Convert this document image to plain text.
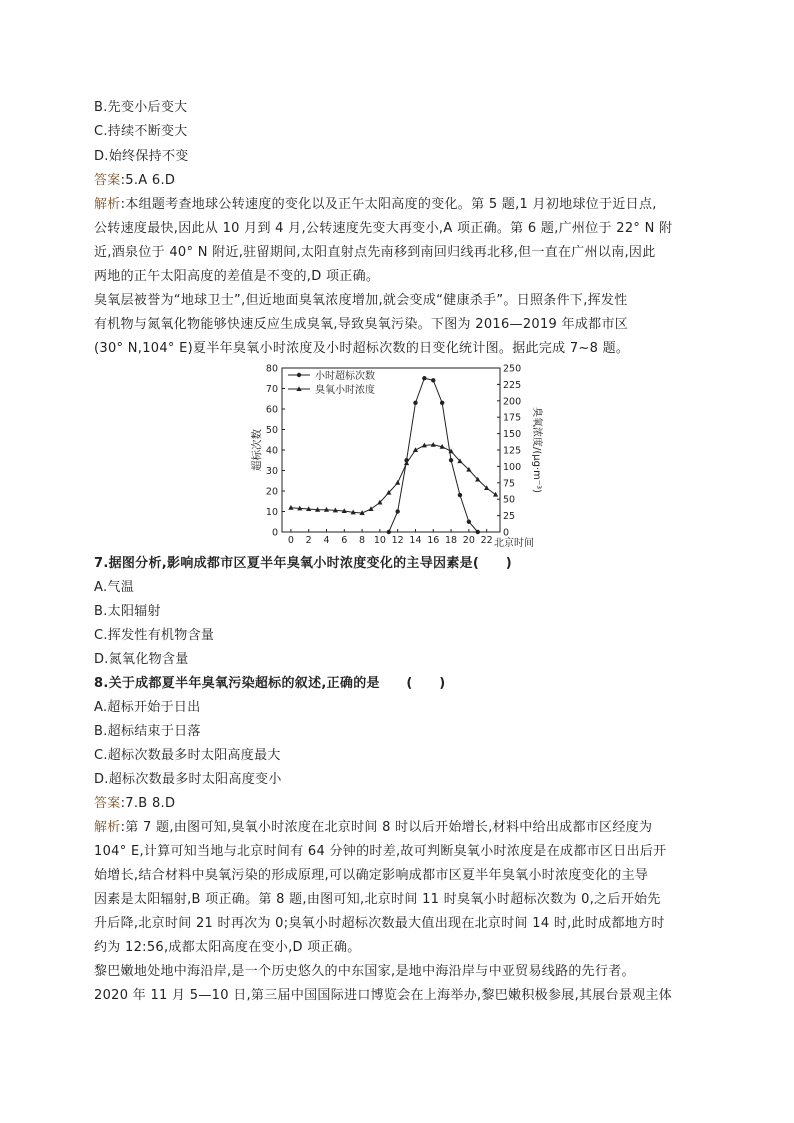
B.先变小后变大
C.持续不断变大
D.始终保持不变
答案:5.A 6.D
解析:本组题考查地球公转速度的变化以及正午太阳高度的变化。第 5 题,1 月初地球位于近日点,
公转速度最快,因此从 10 月到 4 月,公转速度先变大再变小,A 项正确。第 6 题,广州位于 22° N 附
近,酒泉位于 40° N 附近,驻留期间,太阳直射点先南移到南回归线再北移,但一直在广州以南,因此
两地的正午太阳高度的差值是不变的,D 项正确。
臭氧层被誉为“地球卫士”,但近地面臭氧浓度增加,就会变成“健康杀手”。日照条件下,挥发性
有机物与氮氧化物能够快速反应生成臭氧,导致臭氧污染。下图为 2016—2019 年成都市区
(30° N,104° E)夏半年臭氧小时浓度及小时超标次数的日变化统计图。据此完成 7~8 题。
0
10
20
30
40
50
60
70
80
0
25
50
75
100
125
150
175
200
225
250
0 2 4 6 8 10 12 14 16 18 20 22 北京时间
超标次数	臭氧浓度/(μg·m⁻³)
小时超标次数
臭氧小时浓度
7.据图分析,影响成都市区夏半年臭氧小时浓度变化的主导因素是(　　)
A.气温
B.太阳辐射
C.挥发性有机物含量
D.氮氧化物含量
8.关于成都夏半年臭氧污染超标的叙述,正确的是　　(　　)
A.超标开始于日出
B.超标结束于日落
C.超标次数最多时太阳高度最大
D.超标次数最多时太阳高度变小
答案:7.B 8.D
解析:第 7 题,由图可知,臭氧小时浓度在北京时间 8 时以后开始增长,材料中给出成都市区经度为
104° E,计算可知当地与北京时间有 64 分钟的时差,故可判断臭氧小时浓度是在成都市区日出后开
始增长,结合材料中臭氧污染的形成原理,可以确定影响成都市区夏半年臭氧小时浓度变化的主导
因素是太阳辐射,B 项正确。第 8 题,由图可知,北京时间 11 时臭氧小时超标次数为 0,之后开始先
升后降,北京时间 21 时再次为 0;臭氧小时超标次数最大值出现在北京时间 14 时,此时成都地方时
约为 12:56,成都太阳高度在变小,D 项正确。
黎巴嫩地处地中海沿岸,是一个历史悠久的中东国家,是地中海沿岸与中亚贸易线路的先行者。
2020 年 11 月 5—10 日,第三届中国国际进口博览会在上海举办,黎巴嫩积极参展,其展台景观主体
